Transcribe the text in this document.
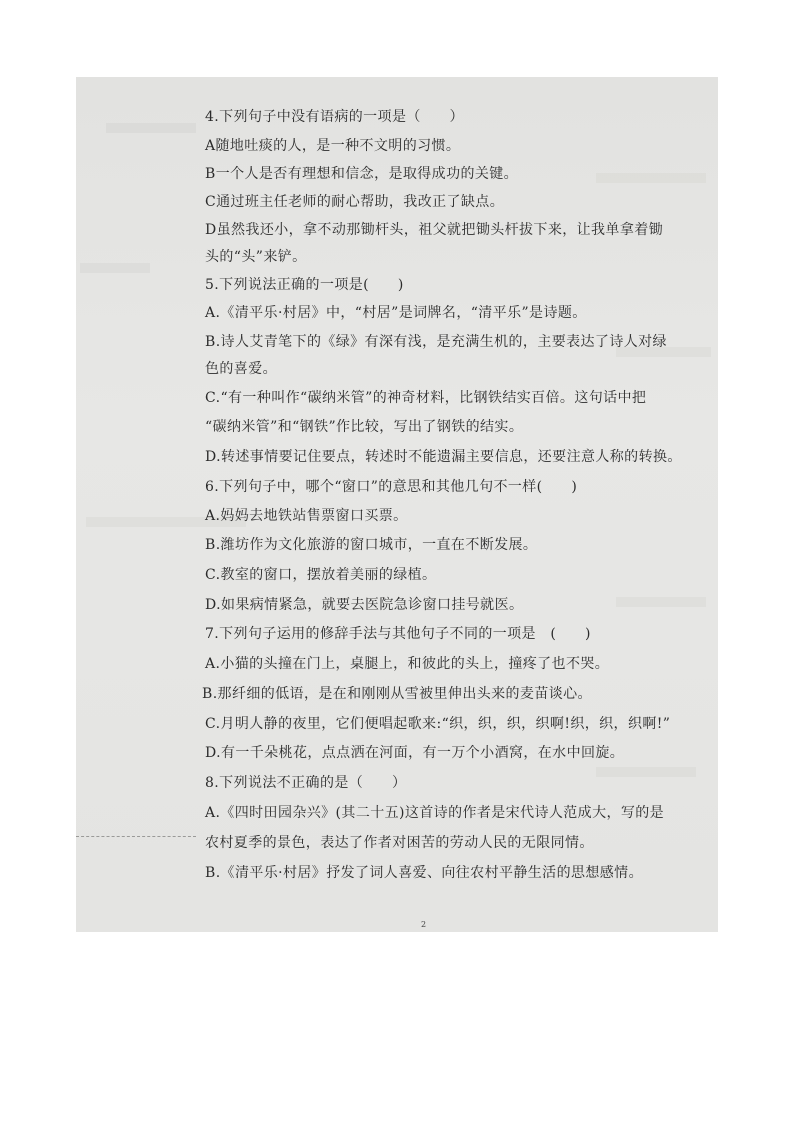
4.下列句子中没有语病的一项是（　　）
A随地吐痰的人，是一种不文明的习惯。
B一个人是否有理想和信念，是取得成功的关键。
C通过班主任老师的耐心帮助，我改正了缺点。
D虽然我还小，拿不动那锄杆头，祖父就把锄头杆拔下来，让我单拿着锄
头的“头”来铲。
5.下列说法正确的一项是(　　)
A.《清平乐·村居》中，“村居”是词牌名，“清平乐”是诗题。
B.诗人艾青笔下的《绿》有深有浅，是充满生机的，主要表达了诗人对绿
色的喜爱。
C.“有一种叫作“碳纳米管”的神奇材料，比钢铁结实百倍。这句话中把
“碳纳米管”和“钢铁”作比较，写出了钢铁的结实。
D.转述事情要记住要点，转述时不能遗漏主要信息，还要注意人称的转换。
6.下列句子中，哪个“窗口”的意思和其他几句不一样(　　)
A.妈妈去地铁站售票窗口买票。
B.潍坊作为文化旅游的窗口城市，一直在不断发展。
C.教室的窗口，摆放着美丽的绿植。
D.如果病情紧急，就要去医院急诊窗口挂号就医。
7.下列句子运用的修辞手法与其他句子不同的一项是　(　　)
A.小猫的头撞在门上，桌腿上，和彼此的头上，撞疼了也不哭。
B.那纤细的低语，是在和刚刚从雪被里伸出头来的麦苗谈心。
C.月明人静的夜里，它们便唱起歌来:“织，织，织，织啊!织，织，织啊!”
D.有一千朵桃花，点点洒在河面，有一万个小酒窝，在水中回旋。
8.下列说法不正确的是（　　）
A.《四时田园杂兴》(其二十五)这首诗的作者是宋代诗人范成大，写的是
农村夏季的景色，表达了作者对困苦的劳动人民的无限同情。
B.《清平乐·村居》抒发了词人喜爱、向往农村平静生活的思想感情。
2
